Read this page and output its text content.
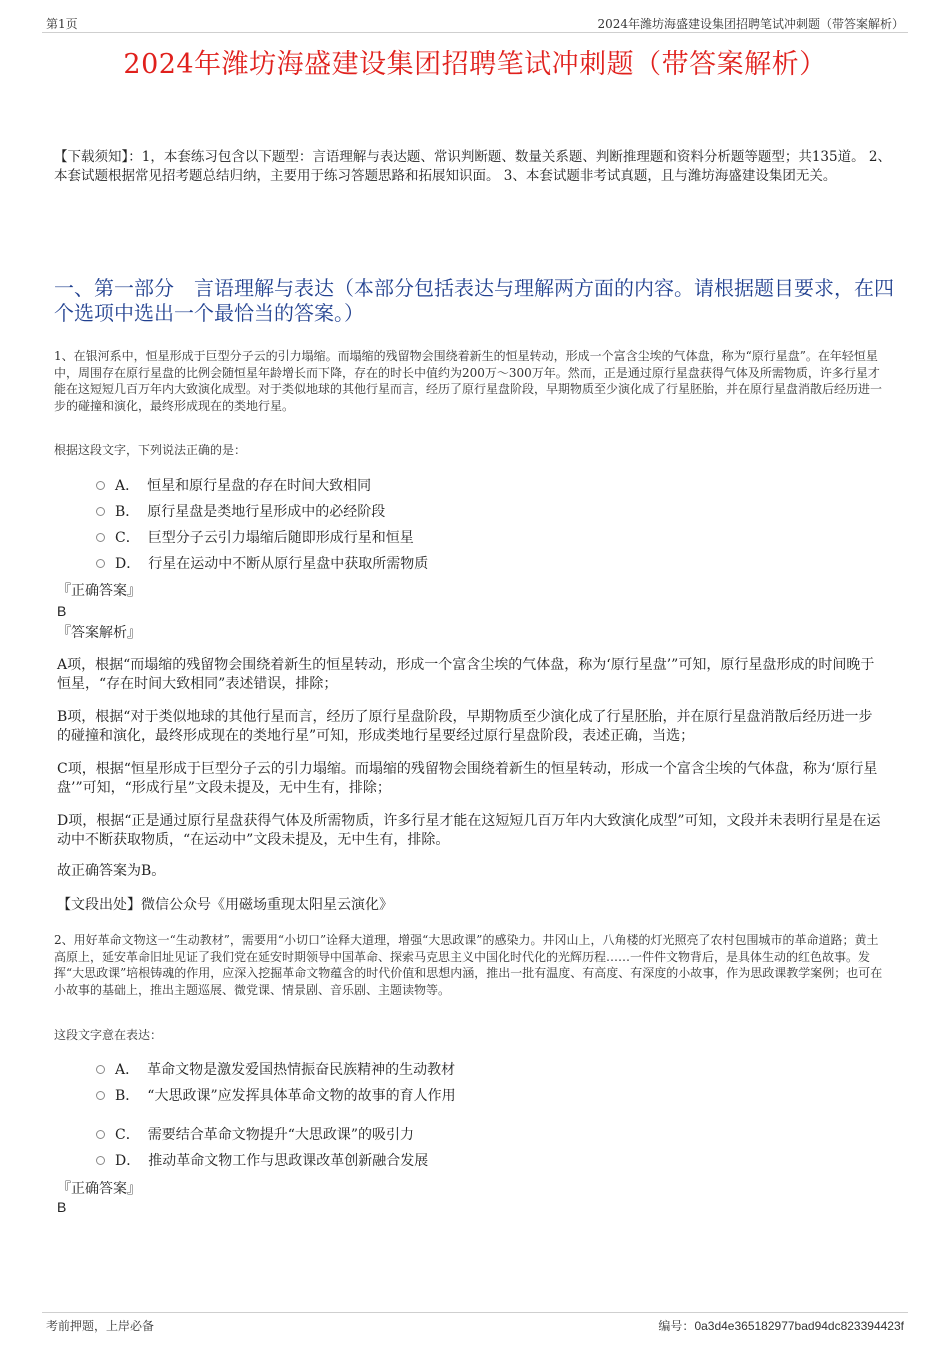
第1页	2024年潍坊海盛建设集团招聘笔试冲刺题（带答案解析）
2024年潍坊海盛建设集团招聘笔试冲刺题（带答案解析）
【下载须知】：1，本套练习包含以下题型：言语理解与表达题、常识判断题、数量关系题、判断推理题和资料分析题等题型；共135道。 2、本套试题根据常见招考题总结归纳，主要用于练习答题思路和拓展知识面。 3、本套试题非考试真题，且与潍坊海盛建设集团无关。
一、第一部分　言语理解与表达（本部分包括表达与理解两方面的内容。请根据题目要求，在四个选项中选出一个最恰当的答案。）
1、在银河系中，恒星形成于巨型分子云的引力塌缩。而塌缩的残留物会围绕着新生的恒星转动，形成一个富含尘埃的气体盘，称为“原行星盘”。在年轻恒星中，周围存在原行星盘的比例会随恒星年龄增长而下降，存在的时长中值约为200万～300万年。然而，正是通过原行星盘获得气体及所需物质，许多行星才能在这短短几百万年内大致演化成型。对于类似地球的其他行星而言，经历了原行星盘阶段，早期物质至少演化成了行星胚胎，并在原行星盘消散后经历进一步的碰撞和演化，最终形成现在的类地行星。
根据这段文字，下列说法正确的是：
A． 恒星和原行星盘的存在时间大致相同
B． 原行星盘是类地行星形成中的必经阶段
C． 巨型分子云引力塌缩后随即形成行星和恒星
D． 行星在运动中不断从原行星盘中获取所需物质
『正确答案』
B
『答案解析』
A项，根据“而塌缩的残留物会围绕着新生的恒星转动，形成一个富含尘埃的气体盘，称为‘原行星盘’”可知，原行星盘形成的时间晚于恒星，“存在时间大致相同”表述错误，排除；
B项，根据“对于类似地球的其他行星而言，经历了原行星盘阶段，早期物质至少演化成了行星胚胎，并在原行星盘消散后经历进一步的碰撞和演化，最终形成现在的类地行星”可知，形成类地行星要经过原行星盘阶段，表述正确，当选；
C项，根据“恒星形成于巨型分子云的引力塌缩。而塌缩的残留物会围绕着新生的恒星转动，形成一个富含尘埃的气体盘，称为‘原行星盘’”可知，“形成行星”文段未提及，无中生有，排除；
D项，根据“正是通过原行星盘获得气体及所需物质，许多行星才能在这短短几百万年内大致演化成型”可知，文段并未表明行星是在运动中不断获取物质，“在运动中”文段未提及，无中生有，排除。
故正确答案为B。
【文段出处】微信公众号《用磁场重现太阳星云演化》
2、用好革命文物这一“生动教材”，需要用“小切口”诠释大道理，增强“大思政课”的感染力。井冈山上，八角楼的灯光照亮了农村包围城市的革命道路；黄土高原上，延安革命旧址见证了我们党在延安时期领导中国革命、探索马克思主义中国化时代化的光辉历程……一件件文物背后，是具体生动的红色故事。发挥“大思政课”培根铸魂的作用，应深入挖掘革命文物蕴含的时代价值和思想内涵，推出一批有温度、有高度、有深度的小故事，作为思政课教学案例；也可在小故事的基础上，推出主题巡展、微党课、情景剧、音乐剧、主题读物等。
这段文字意在表达：
A． 革命文物是激发爱国热情振奋民族精神的生动教材
B． “大思政课”应发挥具体革命文物的故事的育人作用
C． 需要结合革命文物提升“大思政课”的吸引力
D． 推动革命文物工作与思政课改革创新融合发展
『正确答案』
B
考前押题，上岸必备	编号：0a3d4e365182977bad94dc823394423f
